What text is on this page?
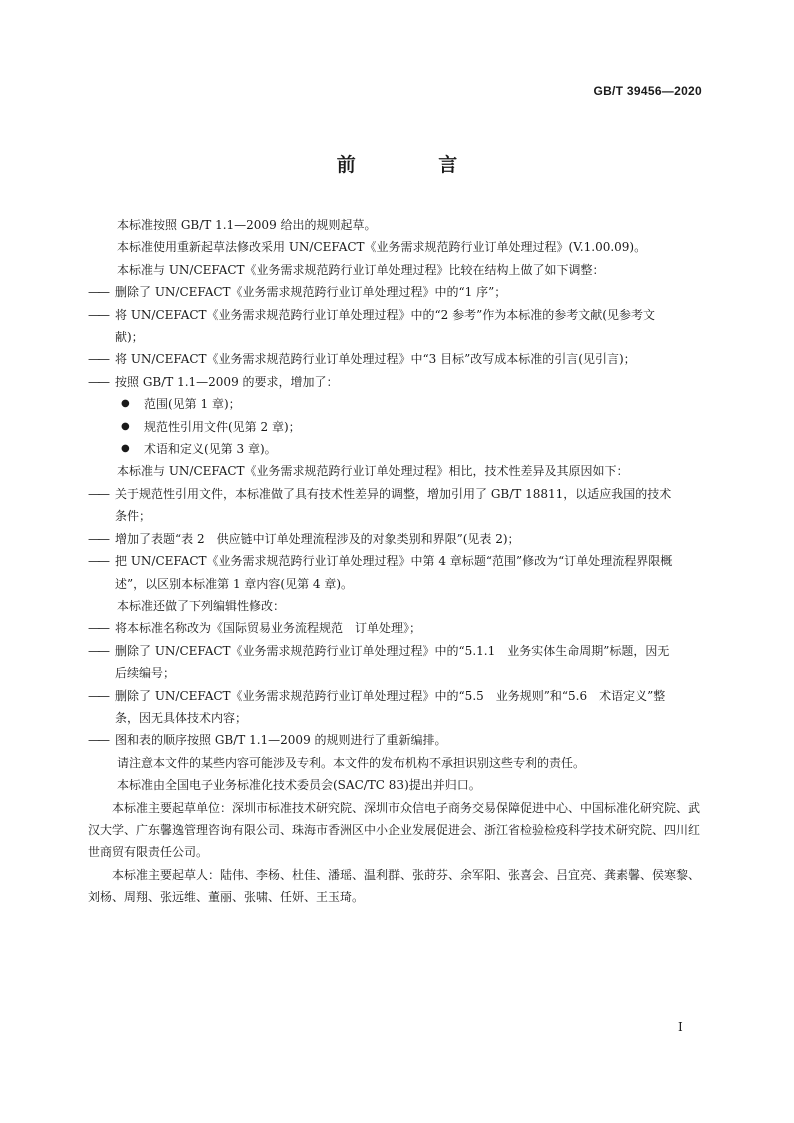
GB/T 39456—2020
前 言

本标准按照 GB/T 1.1—2009 给出的规则起草。

本标准使用重新起草法修改采用 UN/CEFACT《业务需求规范跨行业订单处理过程》(V.1.00.09)。

本标准与 UN/CEFACT《业务需求规范跨行业订单处理过程》比较在结构上做了如下调整：

—— 删除了 UN/CEFACT《业务需求规范跨行业订单处理过程》中的“1 序”；
—— 将 UN/CEFACT《业务需求规范跨行业订单处理过程》中的“2 参考”作为本标准的参考文献(见参考文献)；
—— 将 UN/CEFACT《业务需求规范跨行业订单处理过程》中“3 目标”改写成本标准的引言(见引言)；
—— 按照 GB/T 1.1—2009 的要求，增加了：
● 范围(见第 1 章)；
● 规范性引用文件(见第 2 章)；
● 术语和定义(见第 3 章)。

本标准与 UN/CEFACT《业务需求规范跨行业订单处理过程》相比，技术性差异及其原因如下：

—— 关于规范性引用文件，本标准做了具有技术性差异的调整，增加引用了 GB/T 18811，以适应我国的技术条件；
—— 增加了表题“表 2　供应链中订单处理流程涉及的对象类别和界限”(见表 2)；
—— 把 UN/CEFACT《业务需求规范跨行业订单处理过程》中第 4 章标题“范围”修改为“订单处理流程界限概述”，以区别本标准第 1 章内容(见第 4 章)。

本标准还做了下列编辑性修改：

—— 将本标准名称改为《国际贸易业务流程规范　订单处理》；
—— 删除了 UN/CEFACT《业务需求规范跨行业订单处理过程》中的“5.1.1　业务实体生命周期”标题，因无后续编号；
—— 删除了 UN/CEFACT《业务需求规范跨行业订单处理过程》中的“5.5　业务规则”和“5.6　术语定义”整条，因无具体技术内容；
—— 图和表的顺序按照 GB/T 1.1—2009 的规则进行了重新编排。

请注意本文件的某些内容可能涉及专利。本文件的发布机构不承担识别这些专利的责任。

本标准由全国电子业务标准化技术委员会(SAC/TC 83)提出并归口。

本标准主要起草单位：深圳市标准技术研究院、深圳市众信电子商务交易保障促进中心、中国标准化研究院、武汉大学、广东馨逸管理咨询有限公司、珠海市香洲区中小企业发展促进会、浙江省检验检疫科学技术研究院、四川红世商贸有限责任公司。

本标准主要起草人：陆伟、李杨、杜佳、潘瑶、温利群、张莳芬、余军阳、张喜会、吕宜亮、龚素馨、侯寒黎、刘杨、周翔、张远维、董丽、张啸、任妍、王玉琦。

I
